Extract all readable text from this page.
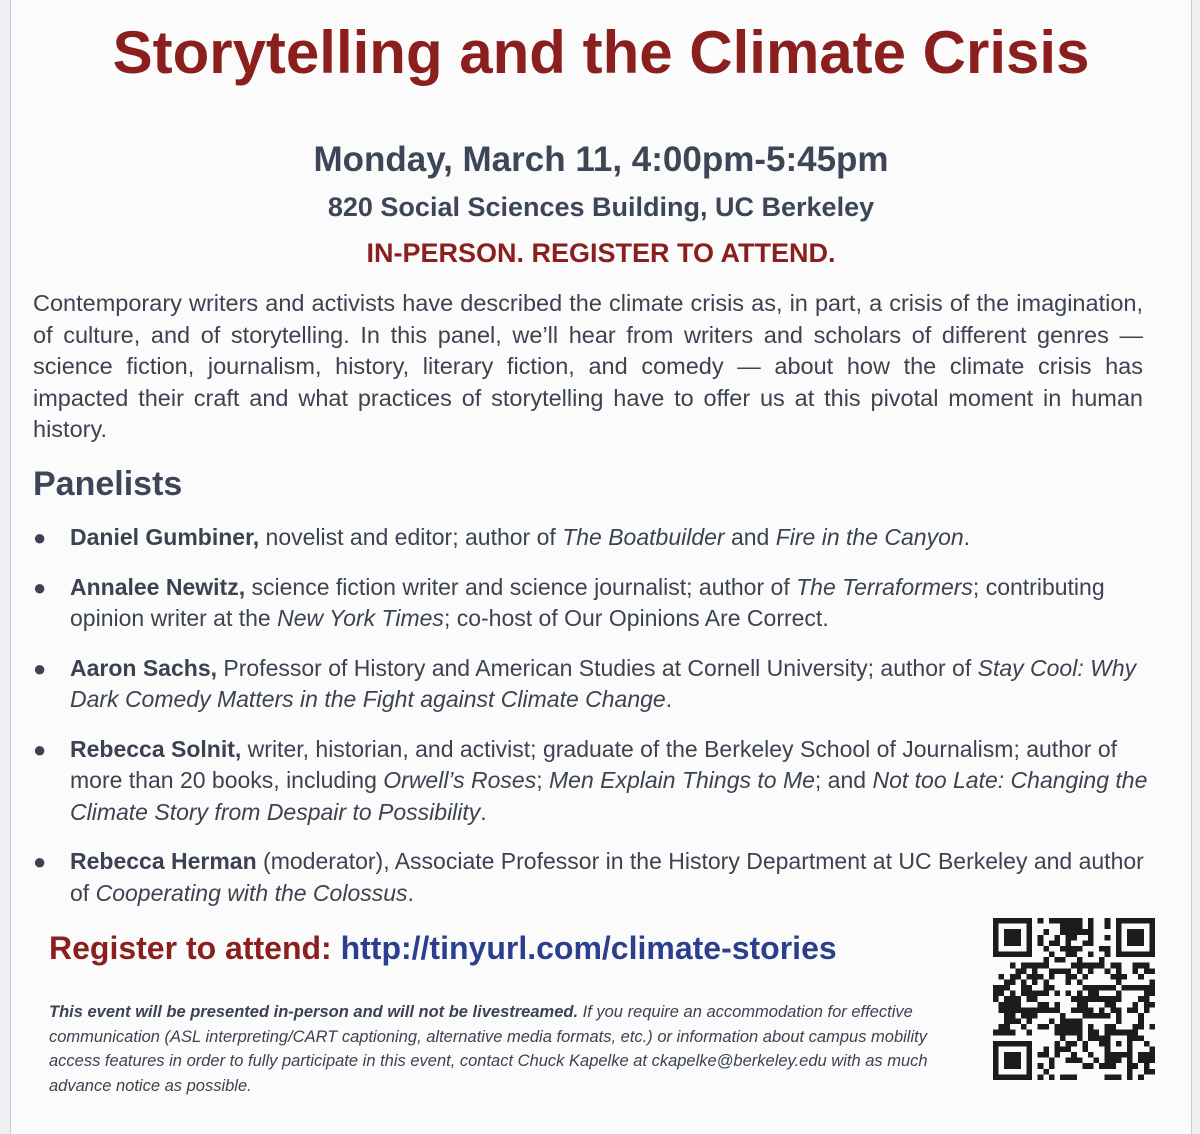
Storytelling and the Climate Crisis
Monday, March 11, 4:00pm-5:45pm
820 Social Sciences Building, UC Berkeley
IN-PERSON. REGISTER TO ATTEND.
Contemporary writers and activists have described the climate crisis as, in part, a crisis of the imagination, of culture, and of storytelling. In this panel, we’ll hear from writers and scholars of different genres — science fiction, journalism, history, literary fiction, and comedy — about how the climate crisis has impacted their craft and what practices of storytelling have to offer us at this pivotal moment in human history.
Panelists
● Daniel Gumbiner, novelist and editor; author of The Boatbuilder and Fire in the Canyon.
● Annalee Newitz, science fiction writer and science journalist; author of The Terraformers; contributing opinion writer at the New York Times; co-host of Our Opinions Are Correct.
● Aaron Sachs, Professor of History and American Studies at Cornell University; author of Stay Cool: Why Dark Comedy Matters in the Fight against Climate Change.
● Rebecca Solnit, writer, historian, and activist; graduate of the Berkeley School of Journalism; author of more than 20 books, including Orwell’s Roses; Men Explain Things to Me; and Not too Late: Changing the Climate Story from Despair to Possibility.
● Rebecca Herman (moderator), Associate Professor in the History Department at UC Berkeley and author of Cooperating with the Colossus.
Register to attend: http://tinyurl.com/climate-stories
This event will be presented in-person and will not be livestreamed. If you require an accommodation for effective communication (ASL interpreting/CART captioning, alternative media formats, etc.) or information about campus mobility access features in order to fully participate in this event, contact Chuck Kapelke at ckapelke@berkeley.edu with as much advance notice as possible.
